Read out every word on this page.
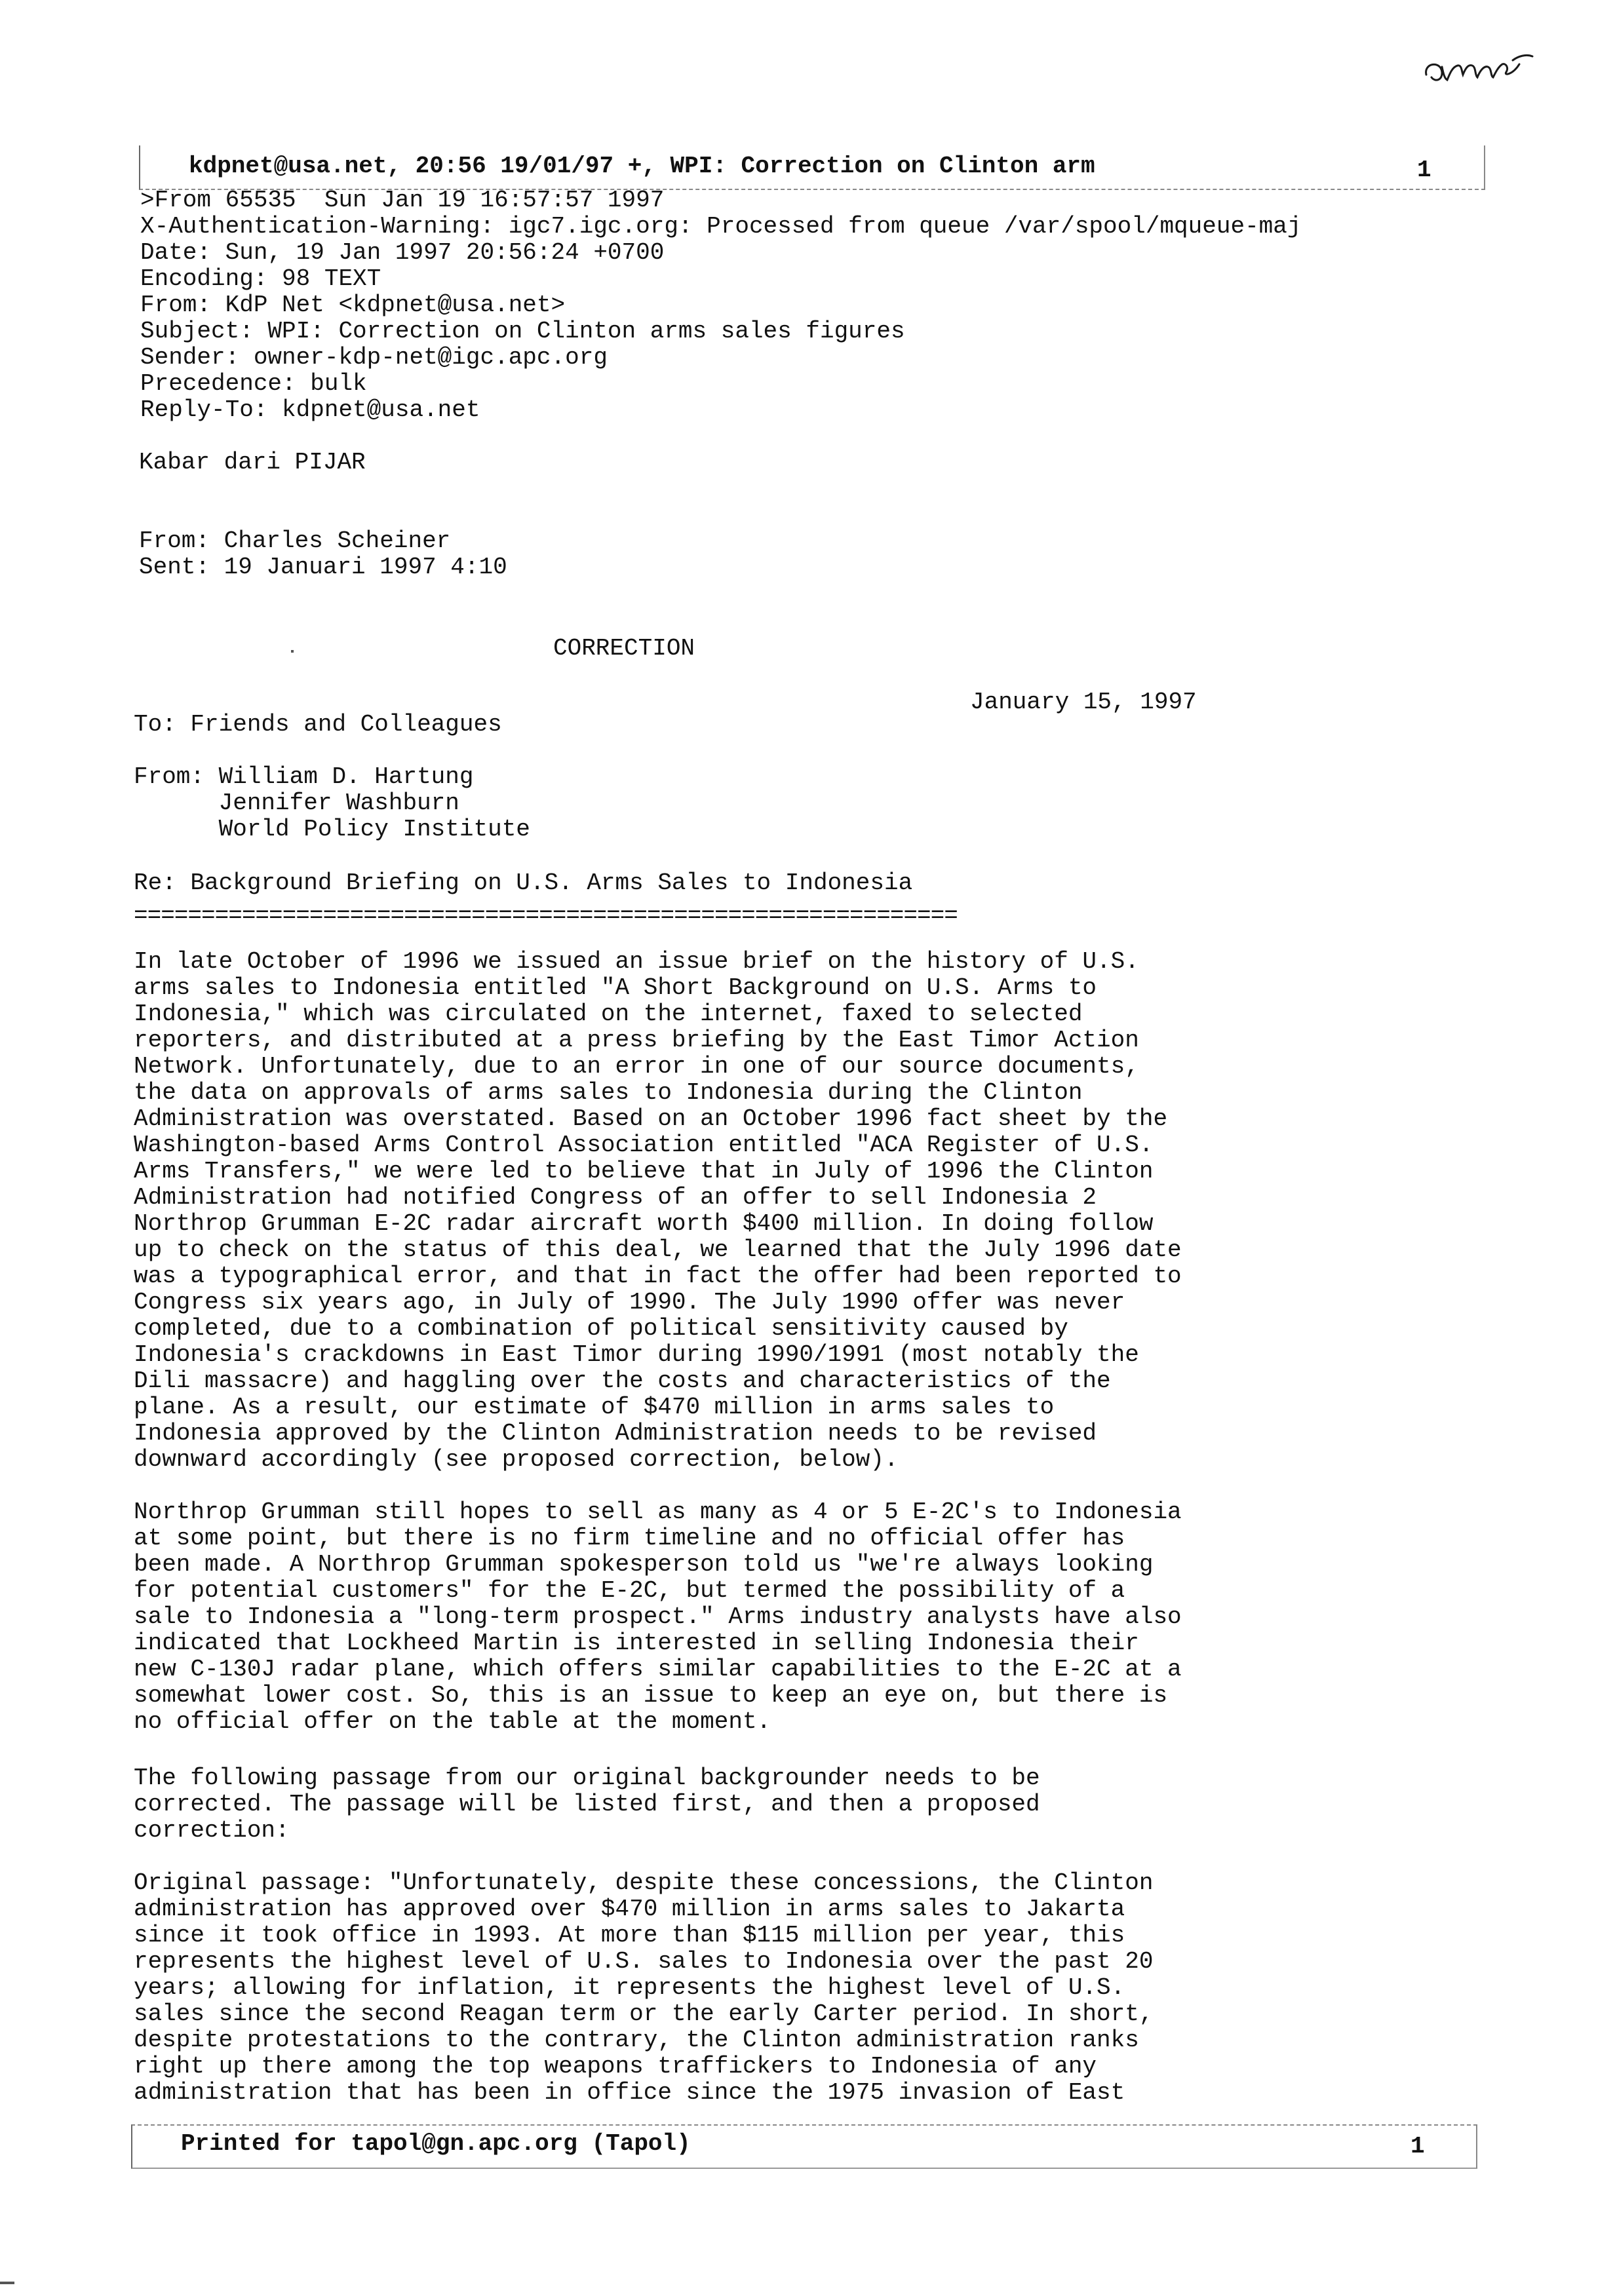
kdpnet@usa.net, 20:56 19/01/97 +, WPI: Correction on Clinton arm	1
>From 65535  Sun Jan 19 16:57:57 1997
X-Authentication-Warning: igc7.igc.org: Processed from queue /var/spool/mqueue-maj
Date: Sun, 19 Jan 1997 20:56:24 +0700
Encoding: 98 TEXT
From: KdP Net <kdpnet@usa.net>
Subject: WPI: Correction on Clinton arms sales figures
Sender: owner-kdp-net@igc.apc.org
Precedence: bulk
Reply-To: kdpnet@usa.net
Kabar dari PIJAR
From: Charles Scheiner
Sent: 19 Januari 1997 4:10
CORRECTION
January 15, 1997
To: Friends and Colleagues
From: William D. Hartung
Jennifer Washburn
World Policy Institute
Re: Background Briefing on U.S. Arms Sales to Indonesia
=============================================================
In late October of 1996 we issued an issue brief on the history of U.S.
arms sales to Indonesia entitled "A Short Background on U.S. Arms to
Indonesia," which was circulated on the internet, faxed to selected
reporters, and distributed at a press briefing by the East Timor Action
Network. Unfortunately, due to an error in one of our source documents,
the data on approvals of arms sales to Indonesia during the Clinton
Administration was overstated. Based on an October 1996 fact sheet by the
Washington-based Arms Control Association entitled "ACA Register of U.S.
Arms Transfers," we were led to believe that in July of 1996 the Clinton
Administration had notified Congress of an offer to sell Indonesia 2
Northrop Grumman E-2C radar aircraft worth $400 million. In doing follow
up to check on the status of this deal, we learned that the July 1996 date
was a typographical error, and that in fact the offer had been reported to
Congress six years ago, in July of 1990. The July 1990 offer was never
completed, due to a combination of political sensitivity caused by
Indonesia's crackdowns in East Timor during 1990/1991 (most notably the
Dili massacre) and haggling over the costs and characteristics of the
plane. As a result, our estimate of $470 million in arms sales to
Indonesia approved by the Clinton Administration needs to be revised
downward accordingly (see proposed correction, below).
Northrop Grumman still hopes to sell as many as 4 or 5 E-2C's to Indonesia
at some point, but there is no firm timeline and no official offer has
been made. A Northrop Grumman spokesperson told us "we're always looking
for potential customers" for the E-2C, but termed the possibility of a
sale to Indonesia a "long-term prospect." Arms industry analysts have also
indicated that Lockheed Martin is interested in selling Indonesia their
new C-130J radar plane, which offers similar capabilities to the E-2C at a
somewhat lower cost. So, this is an issue to keep an eye on, but there is
no official offer on the table at the moment.
The following passage from our original backgrounder needs to be
corrected. The passage will be listed first, and then a proposed
correction:
Original passage: "Unfortunately, despite these concessions, the Clinton
administration has approved over $470 million in arms sales to Jakarta
since it took office in 1993. At more than $115 million per year, this
represents the highest level of U.S. sales to Indonesia over the past 20
years; allowing for inflation, it represents the highest level of U.S.
sales since the second Reagan term or the early Carter period. In short,
despite protestations to the contrary, the Clinton administration ranks
right up there among the top weapons traffickers to Indonesia of any
administration that has been in office since the 1975 invasion of East
Printed for tapol@gn.apc.org (Tapol)	1
